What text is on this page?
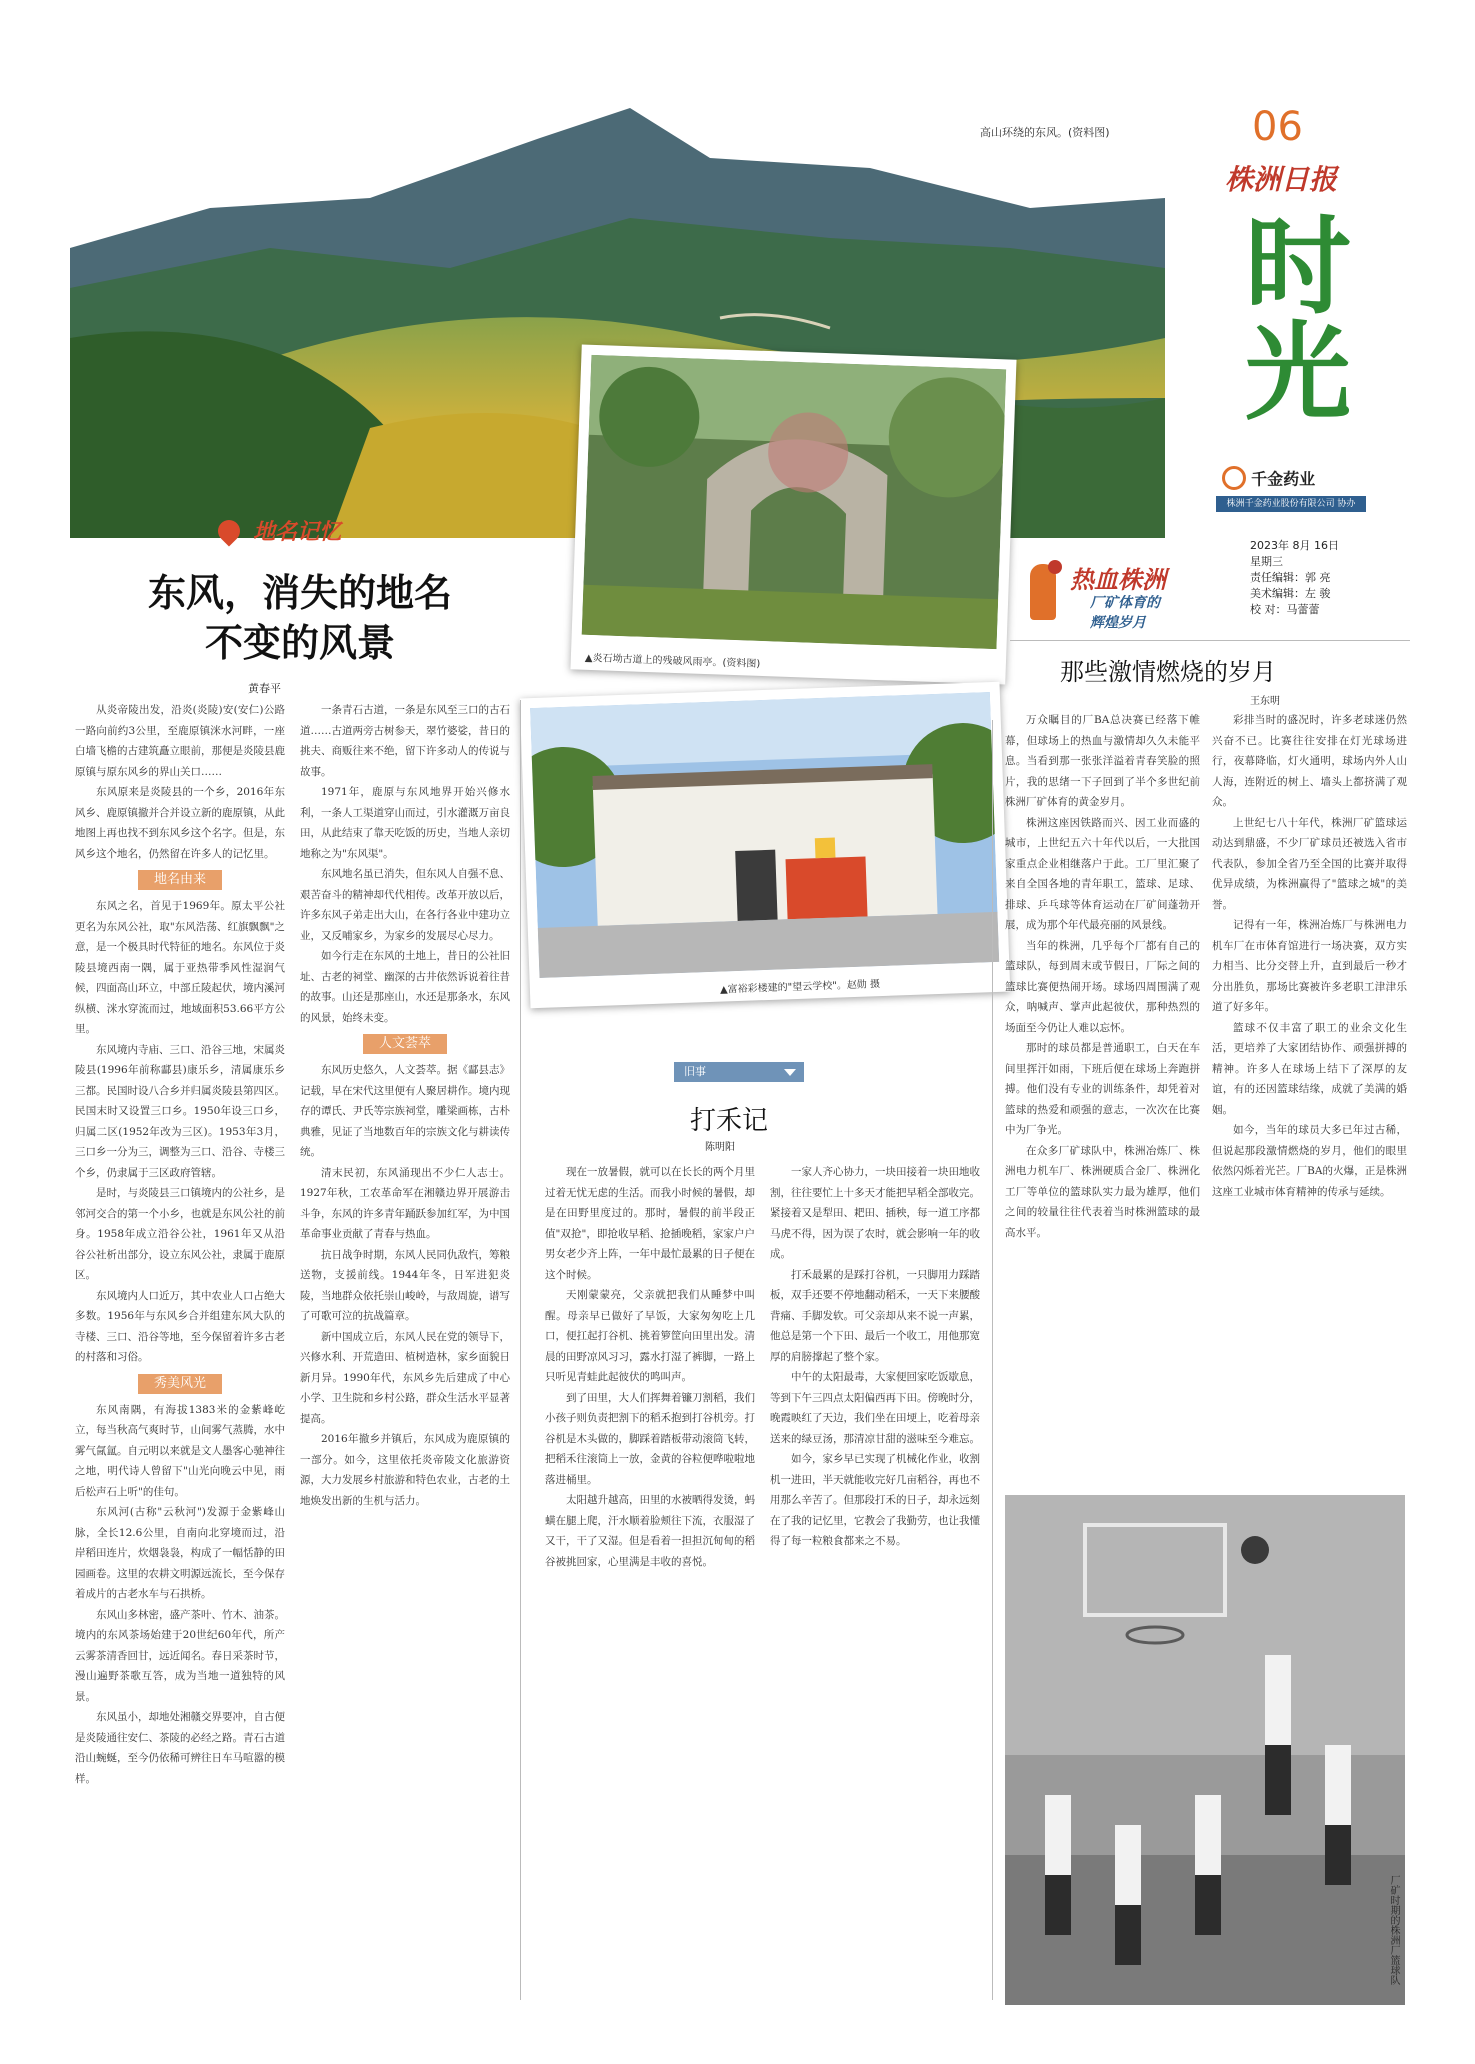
高山环绕的东风。(资料图)	06
株洲日报
时光
千金药业
株洲千金药业股份有限公司 协办
2023年 8月 16日
星期三
责任编辑：郭 亮
美术编辑：左 骏
校 对：马蕾蕾
地名记忆
东风，消失的地名
不变的风景
黄春平
▲炎石坳古道上的残破风雨亭。(资料图)
▲富裕彩楼建的"望云学校"。赵勋 摄
热血株洲
厂矿体育的
辉煌岁月
那些激情燃烧的岁月
王东明

从炎帝陵出发，沿炎(炎陵)安(安仁)公路一路向前约3公里，至鹿原镇洣水河畔，一座白墙飞檐的古建筑矗立眼前，那便是炎陵县鹿原镇与原东风乡的界山关口……

东风原来是炎陵县的一个乡，2016年东风乡、鹿原镇撤并合并设立新的鹿原镇，从此地图上再也找不到东风乡这个名字。但是，东风乡这个地名，仍然留在许多人的记忆里。

地名由来

东风之名，首见于1969年。原太平公社更名为东风公社，取"东风浩荡、红旗飘飘"之意，是一个极具时代特征的地名。东风位于炎陵县境西南一隅，属于亚热带季风性湿润气候，四面高山环立，中部丘陵起伏，境内溪河纵横、洣水穿流而过，地域面积53.66平方公里。

东风境内寺庙、三口、沿谷三地，宋属炎陵县(1996年前称酃县)康乐乡，清属康乐乡三都。民国时设八合乡并归属炎陵县第四区。民国末时又设置三口乡。1950年设三口乡，归属二区(1952年改为三区)。1953年3月，三口乡一分为三，调整为三口、沿谷、寺楼三个乡，仍隶属于三区政府管辖。

是时，与炎陵县三口镇境内的公社乡，是邻河交合的第一个小乡，也就是东风公社的前身。1958年成立沿谷公社，1961年又从沿谷公社析出部分，设立东风公社，隶属于鹿原区。

东风境内人口近万，其中农业人口占绝大多数。1956年与东风乡合并组建东风大队的寺楼、三口、沿谷等地，至今保留着许多古老的村落和习俗。

秀美风光

东风南隅，有海拔1383米的金紫峰屹立，每当秋高气爽时节，山间雾气蒸腾，水中雾气氤氲。自元明以来就是文人墨客心驰神往之地，明代诗人曾留下"山光向晚云中见，雨后松声石上听"的佳句。

东风河(古称"云秋河")发源于金紫峰山脉，全长12.6公里，自南向北穿境而过，沿岸稻田连片，炊烟袅袅，构成了一幅恬静的田园画卷。这里的农耕文明源远流长，至今保存着成片的古老水车与石拱桥。

东风山多林密，盛产茶叶、竹木、油茶。境内的东风茶场始建于20世纪60年代，所产云雾茶清香回甘，远近闻名。春日采茶时节，漫山遍野茶歌互答，成为当地一道独特的风景。

东风虽小，却地处湘赣交界要冲，自古便是炎陵通往安仁、茶陵的必经之路。青石古道沿山蜿蜒，至今仍依稀可辨往日车马喧嚣的模样。

一条青石古道，一条是东风至三口的古石道……古道两旁古树参天，翠竹婆娑，昔日的挑夫、商贩往来不绝，留下许多动人的传说与故事。

1971年，鹿原与东风地界开始兴修水利，一条人工渠道穿山而过，引水灌溉万亩良田，从此结束了靠天吃饭的历史，当地人亲切地称之为"东风渠"。

东风地名虽已消失，但东风人自强不息、艰苦奋斗的精神却代代相传。改革开放以后，许多东风子弟走出大山，在各行各业中建功立业，又反哺家乡，为家乡的发展尽心尽力。

如今行走在东风的土地上，昔日的公社旧址、古老的祠堂、幽深的古井依然诉说着往昔的故事。山还是那座山，水还是那条水，东风的风景，始终未变。

人文荟萃

东风历史悠久，人文荟萃。据《酃县志》记载，早在宋代这里便有人聚居耕作。境内现存的谭氏、尹氏等宗族祠堂，雕梁画栋，古朴典雅，见证了当地数百年的宗族文化与耕读传统。

清末民初，东风涌现出不少仁人志士。1927年秋，工农革命军在湘赣边界开展游击斗争，东风的许多青年踊跃参加红军，为中国革命事业贡献了青春与热血。

抗日战争时期，东风人民同仇敌忾，筹粮送物，支援前线。1944年冬，日军进犯炎陵，当地群众依托崇山峻岭，与敌周旋，谱写了可歌可泣的抗战篇章。

新中国成立后，东风人民在党的领导下，兴修水利、开荒造田、植树造林，家乡面貌日新月异。1990年代，东风乡先后建成了中心小学、卫生院和乡村公路，群众生活水平显著提高。

2016年撤乡并镇后，东风成为鹿原镇的一部分。如今，这里依托炎帝陵文化旅游资源，大力发展乡村旅游和特色农业，古老的土地焕发出新的生机与活力。

旧事
打禾记
陈明阳

现在一放暑假，就可以在长长的两个月里过着无忧无虑的生活。而我小时候的暑假，却是在田野里度过的。那时，暑假的前半段正值"双抢"，即抢收早稻、抢插晚稻，家家户户男女老少齐上阵，一年中最忙最累的日子便在这个时候。

天刚蒙蒙亮，父亲就把我们从睡梦中叫醒。母亲早已做好了早饭，大家匆匆吃上几口，便扛起打谷机、挑着箩筐向田里出发。清晨的田野凉风习习，露水打湿了裤脚，一路上只听见青蛙此起彼伏的鸣叫声。

到了田里，大人们挥舞着镰刀割稻，我们小孩子则负责把割下的稻禾抱到打谷机旁。打谷机是木头做的，脚踩着踏板带动滚筒飞转，把稻禾往滚筒上一放，金黄的谷粒便哗啦啦地落进桶里。

太阳越升越高，田里的水被晒得发烫，蚂蟥在腿上爬，汗水顺着脸颊往下流，衣服湿了又干，干了又湿。但是看着一担担沉甸甸的稻谷被挑回家，心里满是丰收的喜悦。

一家人齐心协力，一块田接着一块田地收割，往往要忙上十多天才能把早稻全部收完。紧接着又是犁田、耙田、插秧，每一道工序都马虎不得，因为误了农时，就会影响一年的收成。

打禾最累的是踩打谷机，一只脚用力踩踏板，双手还要不停地翻动稻禾，一天下来腰酸背痛、手脚发软。可父亲却从来不说一声累，他总是第一个下田、最后一个收工，用他那宽厚的肩膀撑起了整个家。

中午的太阳最毒，大家便回家吃饭歇息，等到下午三四点太阳偏西再下田。傍晚时分，晚霞映红了天边，我们坐在田埂上，吃着母亲送来的绿豆汤，那清凉甘甜的滋味至今难忘。

如今，家乡早已实现了机械化作业，收割机一进田，半天就能收完好几亩稻谷，再也不用那么辛苦了。但那段打禾的日子，却永远刻在了我的记忆里，它教会了我勤劳，也让我懂得了每一粒粮食都来之不易。

万众瞩目的厂BA总决赛已经落下帷幕，但球场上的热血与激情却久久未能平息。当看到那一张张洋溢着青春笑脸的照片，我的思绪一下子回到了半个多世纪前株洲厂矿体育的黄金岁月。

株洲这座因铁路而兴、因工业而盛的城市，上世纪五六十年代以后，一大批国家重点企业相继落户于此。工厂里汇聚了来自全国各地的青年职工，篮球、足球、排球、乒乓球等体育运动在厂矿间蓬勃开展，成为那个年代最亮丽的风景线。

当年的株洲，几乎每个厂都有自己的篮球队，每到周末或节假日，厂际之间的篮球比赛便热闹开场。球场四周围满了观众，呐喊声、掌声此起彼伏，那种热烈的场面至今仍让人难以忘怀。

那时的球员都是普通职工，白天在车间里挥汗如雨，下班后便在球场上奔跑拼搏。他们没有专业的训练条件，却凭着对篮球的热爱和顽强的意志，一次次在比赛中为厂争光。

在众多厂矿球队中，株洲冶炼厂、株洲电力机车厂、株洲硬质合金厂、株洲化工厂等单位的篮球队实力最为雄厚，他们之间的较量往往代表着当时株洲篮球的最高水平。

彩排当时的盛况时，许多老球迷仍然兴奋不已。比赛往往安排在灯光球场进行，夜幕降临，灯火通明，球场内外人山人海，连附近的树上、墙头上都挤满了观众。

上世纪七八十年代，株洲厂矿篮球运动达到鼎盛，不少厂矿球员还被选入省市代表队，参加全省乃至全国的比赛并取得优异成绩，为株洲赢得了"篮球之城"的美誉。

记得有一年，株洲冶炼厂与株洲电力机车厂在市体育馆进行一场决赛，双方实力相当、比分交替上升，直到最后一秒才分出胜负，那场比赛被许多老职工津津乐道了好多年。

篮球不仅丰富了职工的业余文化生活，更培养了大家团结协作、顽强拼搏的精神。许多人在球场上结下了深厚的友谊，有的还因篮球结缘，成就了美满的婚姻。

如今，当年的球员大多已年过古稀，但说起那段激情燃烧的岁月，他们的眼里依然闪烁着光芒。厂BA的火爆，正是株洲这座工业城市体育精神的传承与延续。

厂矿时期的株洲厂篮球队
